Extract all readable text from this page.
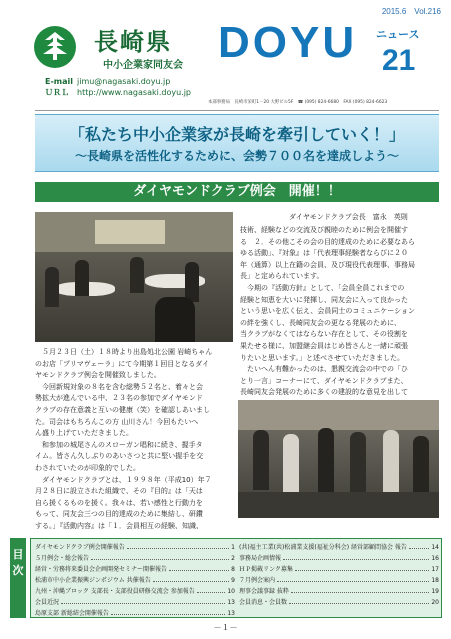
2015.6　Vol.216
長崎県
中小企業家同友会 DOYU ニュース
21
E-mail jimu@nagasaki.doyu.jp
ＵＲＬ http://www.nagasaki.doyu.jp
本部事務局　長崎市栄町1－20 大野ビル5F　☎ (095) 824-6680　FAX (095) 824-6623
「私たち中小企業家が長崎を牽引していく！」
～長崎県を活性化するために、会勢７００名を達成しよう～
ダイヤモンドクラブ例会　開催！！
ダイヤモンドクラブ会長　富永　英則
　５月２３日（土）１８時より出島処北公園 岩崎ちゃん
のお店「プリマヴェーラ」にて今期第１回目となるダイ
ヤモンドクラブ例会を開催致しました。
　今回新規対象の８名を含む総勢５２名と、着々と会
勢拡大が進んでいる中、２３名の参加でダイヤモンド
クラブの存在意義と互いの健康（笑）を確認しあいまし
た。司会はもちろんこの方 山川さん！今回もたいへ
ん盛り上げていただきました。
　和参加の城尾さんのスローガン唱和に続き、握手タ
イム。皆さん久しぶりのあいさつと共に堅い握手を交
わされていたのが印象的でした。
　ダイヤモンドクラブとは、１９９８年（平成10）年７
月２８日に設立された組織で、その『目的』は「天は
自ら援くるものを援く。我々は、若い感性と行動力を
もって、同友会三つの目的達成のために集結し、研鑽
する。」『活動内容』は「１．会員相互の経験、知識、
技術、経験などの交流及び親睦のために例会を開催す
る　２．その他こその会の目的達成のために必要なあら
ゆる活動」、『対象』は「代表理事経験者ならびに２０
年（通算）以上在籍の会員、及び現役代表理事、事務局
長」と定められています。
　今期の『活動方針』として、「会員全員これまでの
経験と知恵を大いに発揮し、同友会に入って良かった
という思いを広く伝え、会員同士のコミュニケーション
の絆を強くし、長崎同友会の更なる発展のために、
当クラブがなくてはならない存在として、その役割を
果たせる様に、加盟継会員はじめ皆さんと一緒に頑張
りたいと思います。」と述べさせていただきました。
　たいへん有難かったのは、懇親交流会の中での「ひ
とり一言」コーナーにて、ダイヤモンドクラブまた、
長崎同友会発展のために多くの建設的な意見を出して
目次
ダイヤモンドクラブ例会開催報告	1
５月例会・総会報告	2
経営・労務将来委員会企画開発セミナー開催報告	8
松浦市中小企業振興ジンポジウム 共催報告	9
九州・沖縄ブロック 支部長・支部役員研修交流会 参加報告	10
会員近況	13
島原支部 新総結会開催報告	13
(共)福主工業(共)松浦業支援(福祉分科会) 経営部顧問協会 報告	14
事務局企画情報	16
ＨＰ掲載リンク募集	17
７月例会案内	18
理事会議事録 抜粋	19
会員消息・会員数	20
－１－
